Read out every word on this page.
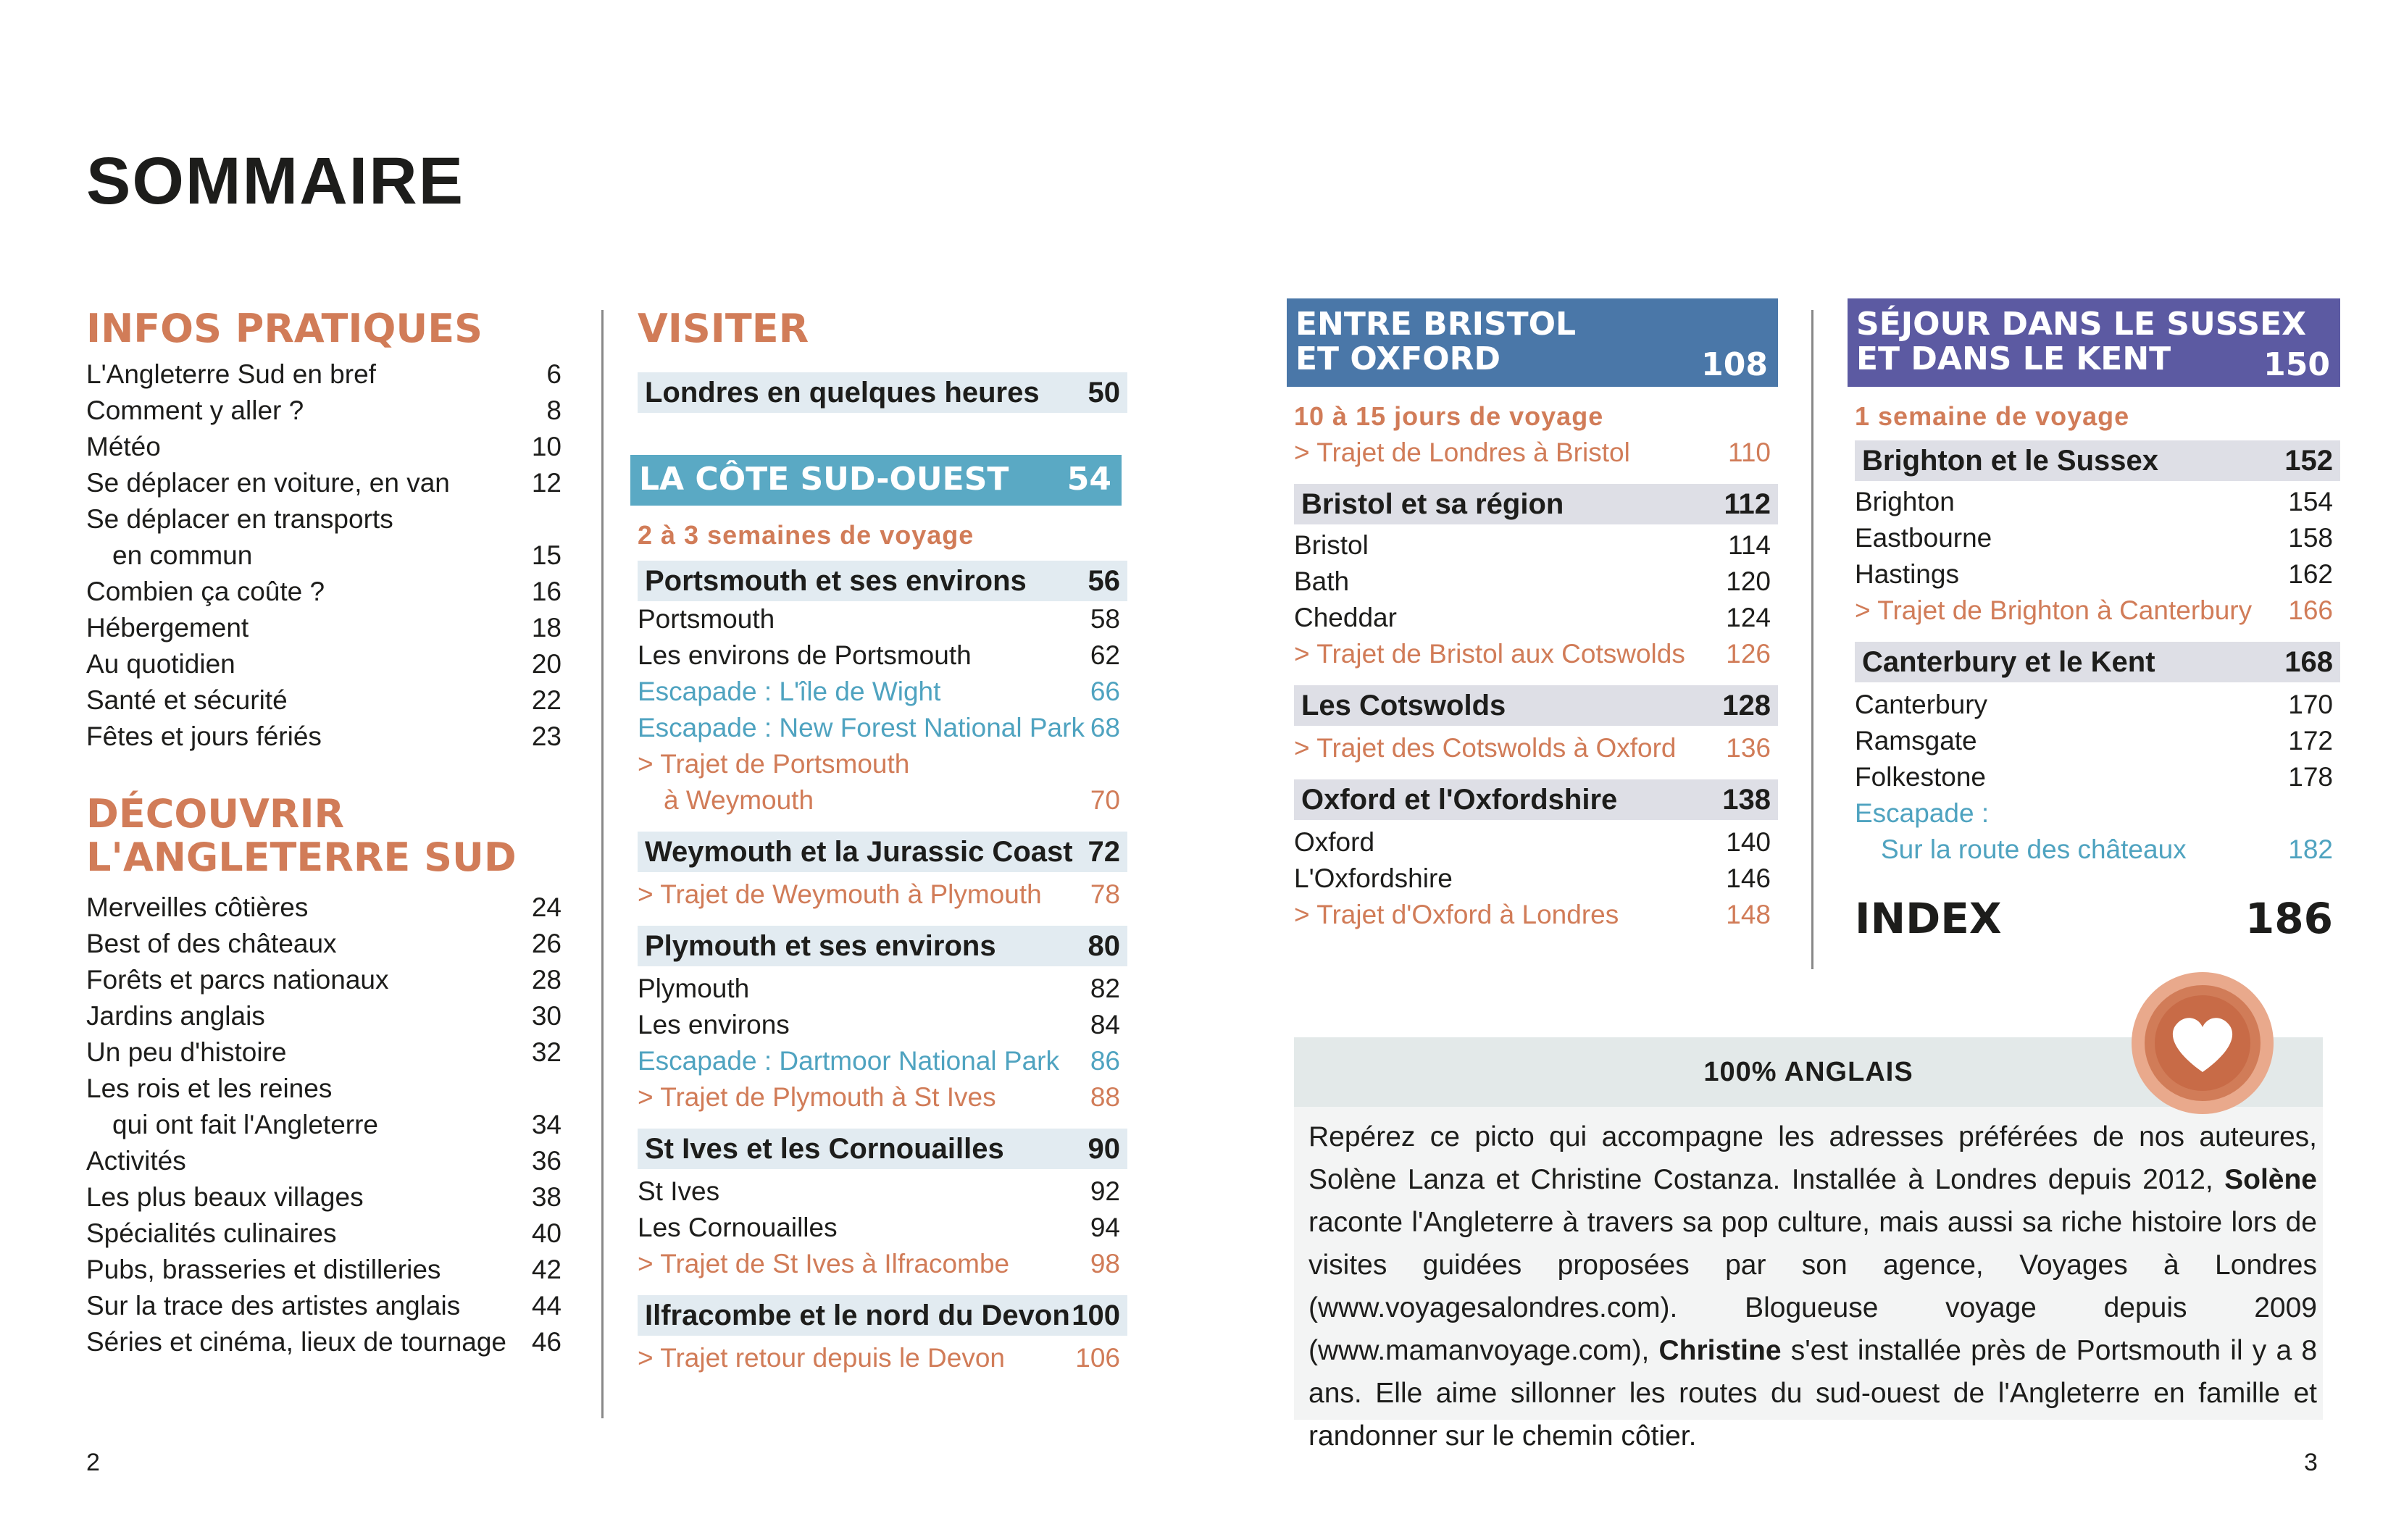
SOMMAIRE
INFOS PRATIQUES
L'Angleterre Sud en bref	6
Comment y aller ?	8
Météo	10
Se déplacer en voiture, en van	12
Se déplacer en transports
en commun	15
Combien ça coûte ?	16
Hébergement	18
Au quotidien	20
Santé et sécurité	22
Fêtes et jours fériés	23
DÉCOUVRIR
L'ANGLETERRE SUD
Merveilles côtières	24
Best of des châteaux	26
Forêts et parcs nationaux	28
Jardins anglais	30
Un peu d'histoire	32
Les rois et les reines
qui ont fait l'Angleterre	34
Activités	36
Les plus beaux villages	38
Spécialités culinaires	40
Pubs, brasseries et distilleries	42
Sur la trace des artistes anglais	44
Séries et cinéma, lieux de tournage 46
VISITER
Londres en quelques heures 50
LA CÔTE SUD-OUEST 54
2 à 3 semaines de voyage
Portsmouth et ses environs 56
Portsmouth	58
Les environs de Portsmouth	62
Escapade : L'île de Wight	66
Escapade : New Forest National Park 68
> Trajet de Portsmouth
à Weymouth	70
Weymouth et la Jurassic Coast 72
> Trajet de Weymouth à Plymouth 78
Plymouth et ses environs	80
Plymouth	82
Les environs	84
Escapade : Dartmoor National Park 86
> Trajet de Plymouth à St Ives	88
St Ives et les Cornouailles	90
St Ives	92
Les Cornouailles	94
> Trajet de St Ives à Ilfracombe	98
Ilfracombe et le nord du Devon 100
> Trajet retour depuis le Devon	106
ENTRE BRISTOL
ET OXFORD	108
10 à 15 jours de voyage
> Trajet de Londres à Bristol	110
Bristol et sa région	112
Bristol	114
Bath	120
Cheddar	124
> Trajet de Bristol aux Cotswolds 126
Les Cotswolds	128
> Trajet des Cotswolds à Oxford 136
Oxford et l'Oxfordshire	138
Oxford	140
L'Oxfordshire	146
> Trajet d'Oxford à Londres	148
SÉJOUR DANS LE SUSSEX
ET DANS LE KENT	150
1 semaine de voyage
Brighton et le Sussex	152
Brighton	154
Eastbourne	158
Hastings	162
> Trajet de Brighton à Canterbury 166
Canterbury et le Kent	168
Canterbury	170
Ramsgate	172
Folkestone	178
Escapade :
Sur la route des châteaux	182
INDEX	186
100% ANGLAIS
Repérez ce picto qui accompagne les adresses préférées de nos auteures, Solène Lanza et Christine Costanza. Installée à Londres depuis 2012, Solène raconte l'Angleterre à travers sa pop culture, mais aussi sa riche histoire lors de visites guidées proposées par son agence, Voyages à Londres (www.voyagesalondres.com). Blogueuse voyage depuis 2009 (www.mamanvoyage.com), Christine s'est installée près de Portsmouth il y a 8 ans. Elle aime sillonner les routes du sud-ouest de l'Angleterre en famille et randonner sur le chemin côtier.
2	3
